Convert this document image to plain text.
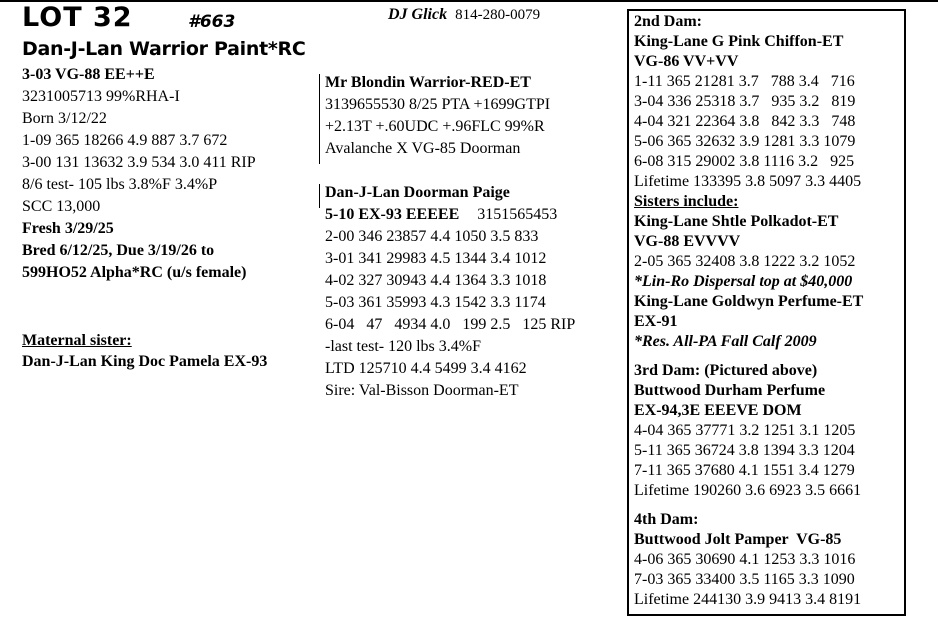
LOT 32	#663
Dan-J-Lan Warrior Paint*RC
3-03 VG-88 EE++E
3231005713 99%RHA-I
Born 3/12/22
1-09 365 18266 4.9 887 3.7 672
3-00 131 13632 3.9 534 3.0 411 RIP
8/6 test- 105 lbs 3.8%F 3.4%P
SCC 13,000
Fresh 3/29/25
Bred 6/12/25, Due 3/19/26 to
599HO52 Alpha*RC (u/s female)
Maternal sister:
Dan-J-Lan King Doc Pamela EX-93
DJ Glick 814-280-0079
Mr Blondin Warrior-RED-ET
3139655530 8/25 PTA +1699GTPI
+2.13T +.60UDC +.96FLC 99%R
Avalanche X VG-85 Doorman
Dan-J-Lan Doorman Paige
5-10 EX-93 EEEEE 3151565453
2-00 346 23857 4.4 1050 3.5 833
3-01 341 29983 4.5 1344 3.4 1012
4-02 327 30943 4.4 1364 3.3 1018
5-03 361 35993 4.3 1542 3.3 1174
6-04   47   4934 4.0   199 2.5   125 RIP
-last test- 120 lbs 3.4%F
LTD 125710 4.4 5499 3.4 4162
Sire: Val-Bisson Doorman-ET
2nd Dam:
King-Lane G Pink Chiffon-ET
VG-86 VV+VV
1-11 365 21281 3.7   788 3.4   716
3-04 336 25318 3.7   935 3.2   819
4-04 321 22364 3.8   842 3.3   748
5-06 365 32632 3.9 1281 3.3 1079
6-08 315 29002 3.8 1116 3.2   925
Lifetime 133395 3.8 5097 3.3 4405
Sisters include:
King-Lane Shtle Polkadot-ET
VG-88 EVVVV
2-05 365 32408 3.8 1222 3.2 1052
*Lin-Ro Dispersal top at $40,000
King-Lane Goldwyn Perfume-ET
EX-91
*Res. All-PA Fall Calf 2009
3rd Dam: (Pictured above)
Buttwood Durham Perfume
EX-94,3E EEEVE DOM
4-04 365 37771 3.2 1251 3.1 1205
5-11 365 36724 3.8 1394 3.3 1204
7-11 365 37680 4.1 1551 3.4 1279
Lifetime 190260 3.6 6923 3.5 6661
4th Dam:
Buttwood Jolt Pamper  VG-85
4-06 365 30690 4.1 1253 3.3 1016
7-03 365 33400 3.5 1165 3.3 1090
Lifetime 244130 3.9 9413 3.4 8191
